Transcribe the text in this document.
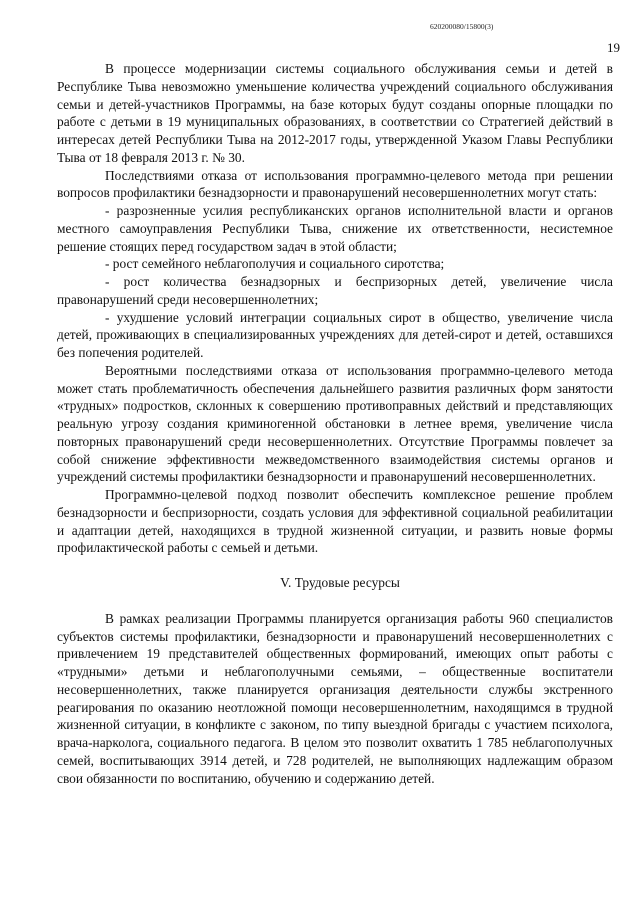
620200080/15800(3)
19

В процессе модернизации системы социального обслуживания семьи и детей в Республике Тыва невозможно уменьшение количества учреждений социального обслуживания семьи и детей-участников Программы, на базе которых будут созданы опорные площадки по работе с детьми в 19 муниципальных образованиях, в соответствии со Стратегией действий в интересах детей Республики Тыва на 2012-2017 годы, утвержденной Указом Главы Республики Тыва от 18 февраля 2013 г. № 30.

Последствиями отказа от использования программно-целевого метода при решении вопросов профилактики безнадзорности и правонарушений несовершеннолетних могут стать:

- разрозненные усилия республиканских органов исполнительной власти и органов местного самоуправления Республики Тыва, снижение их ответственности, несистемное решение стоящих перед государством задач в этой области;

- рост семейного неблагополучия и социального сиротства;

- рост количества безнадзорных и беспризорных детей, увеличение числа правонарушений среди несовершеннолетних;

- ухудшение условий интеграции социальных сирот в общество, увеличение числа детей, проживающих в специализированных учреждениях для детей-сирот и детей, оставшихся без попечения родителей.

Вероятными последствиями отказа от использования программно-целевого метода может стать проблематичность обеспечения дальнейшего развития различных форм занятости «трудных» подростков, склонных к совершению противоправных действий и представляющих реальную угрозу создания криминогенной обстановки в летнее время, увеличение числа повторных правонарушений среди несовершеннолетних. Отсутствие Программы повлечет за собой снижение эффективности межведомственного взаимодействия системы органов и учреждений системы профилактики безнадзорности и правонарушений несовершеннолетних.

Программно-целевой подход позволит обеспечить комплексное решение проблем безнадзорности и беспризорности, создать условия для эффективной социальной реабилитации и адаптации детей, находящихся в трудной жизненной ситуации, и развить новые формы профилактической работы с семьей и детьми.

V. Трудовые ресурсы

В рамках реализации Программы планируется организация работы 960 специалистов субъектов системы профилактики, безнадзорности и правонарушений несовершеннолетних с привлечением 19 представителей общественных формирований, имеющих опыт работы с «трудными» детьми и неблагополучными семьями, – общественные воспитатели несовершеннолетних, также планируется организация деятельности службы экстренного реагирования по оказанию неотложной помощи несовершеннолетним, находящимся в трудной жизненной ситуации, в конфликте с законом, по типу выездной бригады с участием психолога, врача-нарколога, социального педагога. В целом это позволит охватить 1 785 неблагополучных семей, воспитывающих 3914 детей, и 728 родителей, не выполняющих надлежащим образом свои обязанности по воспитанию, обучению и содержанию детей.
